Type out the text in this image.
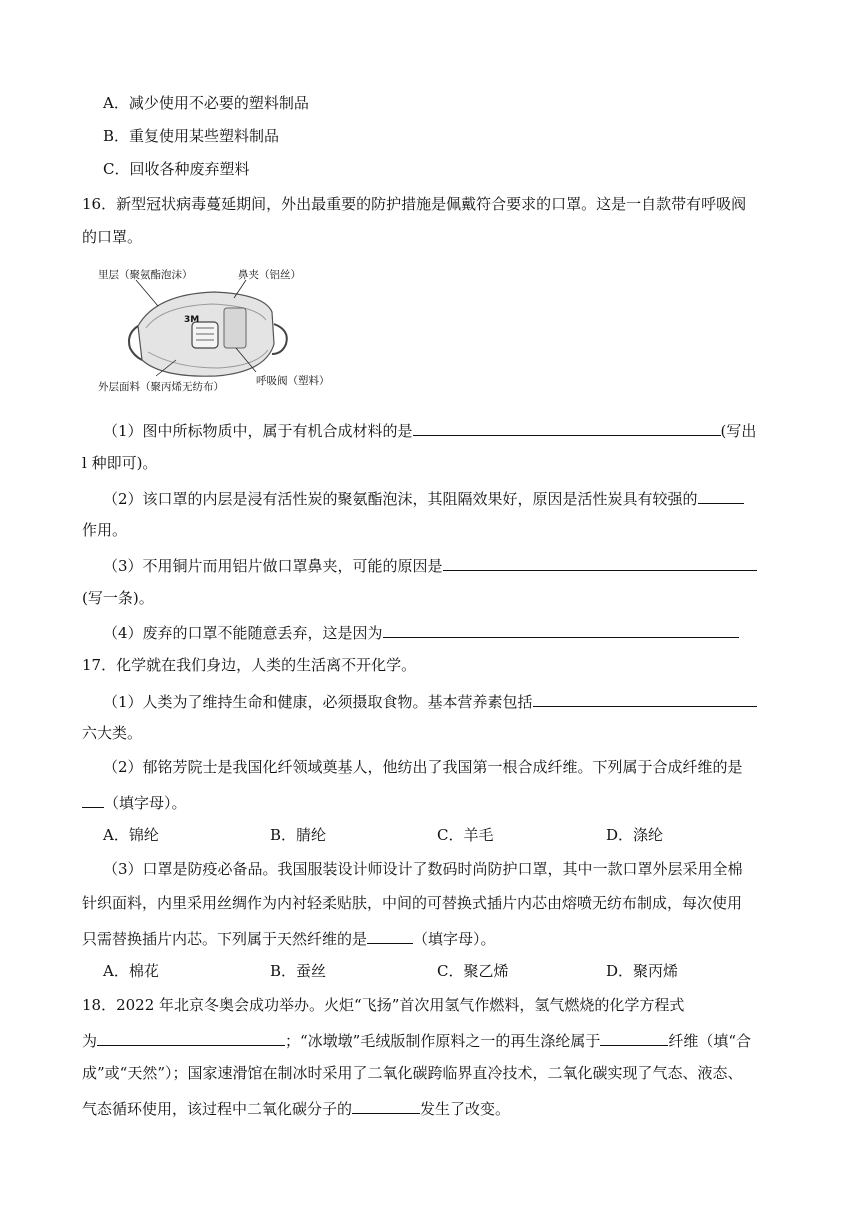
A．减少使用不必要的塑料制品
B．重复使用某些塑料制品
C．回收各种废弃塑料
16．新型冠状病毒蔓延期间，外出最重要的防护措施是佩戴符合要求的口罩。这是一自款带有呼吸阀
的口罩。
3M
里层（聚氨酯泡沫）	鼻夹（铝丝）
呼吸阀（塑料）
外层面料（聚丙烯无纺布）
（1）图中所标物质中，属于有机合成材料的是	(写出
l 种即可)。
（2）该口罩的内层是浸有活性炭的聚氨酯泡沫，其阻隔效果好，原因是活性炭具有较强的
作用。
（3）不用铜片而用铝片做口罩鼻夹，可能的原因是
(写一条)。
（4）废弃的口罩不能随意丢弃，这是因为
17．化学就在我们身边，人类的生活离不开化学。
（1）人类为了维持生命和健康，必须摄取食物。基本营养素包括
六大类。
（2）郁铭芳院士是我国化纤领域奠基人，他纺出了我国第一根合成纤维。下列属于合成纤维的是
（填字母）。
A．锦纶	B．腈纶	C．羊毛	D．涤纶
（3）口罩是防疫必备品。我国服装设计师设计了数码时尚防护口罩，其中一款口罩外层采用全棉
针织面料，内里采用丝绸作为内衬轻柔贴肤，中间的可替换式插片内芯由熔喷无纺布制成，每次使用
只需替换插片内芯。下列属于天然纤维的是	（填字母）。
A．棉花	B．蚕丝	C．聚乙烯	D．聚丙烯
18．2022 年北京冬奥会成功举办。火炬“飞扬”首次用氢气作燃料，氢气燃烧的化学方程式
为	；“冰墩墩”毛绒版制作原料之一的再生涤纶属于	纤维（填“合
成”或“天然”）；国家速滑馆在制冰时采用了二氧化碳跨临界直冷技术，二氧化碳实现了气态、液态、
气态循环使用，该过程中二氧化碳分子的	发生了改变。
